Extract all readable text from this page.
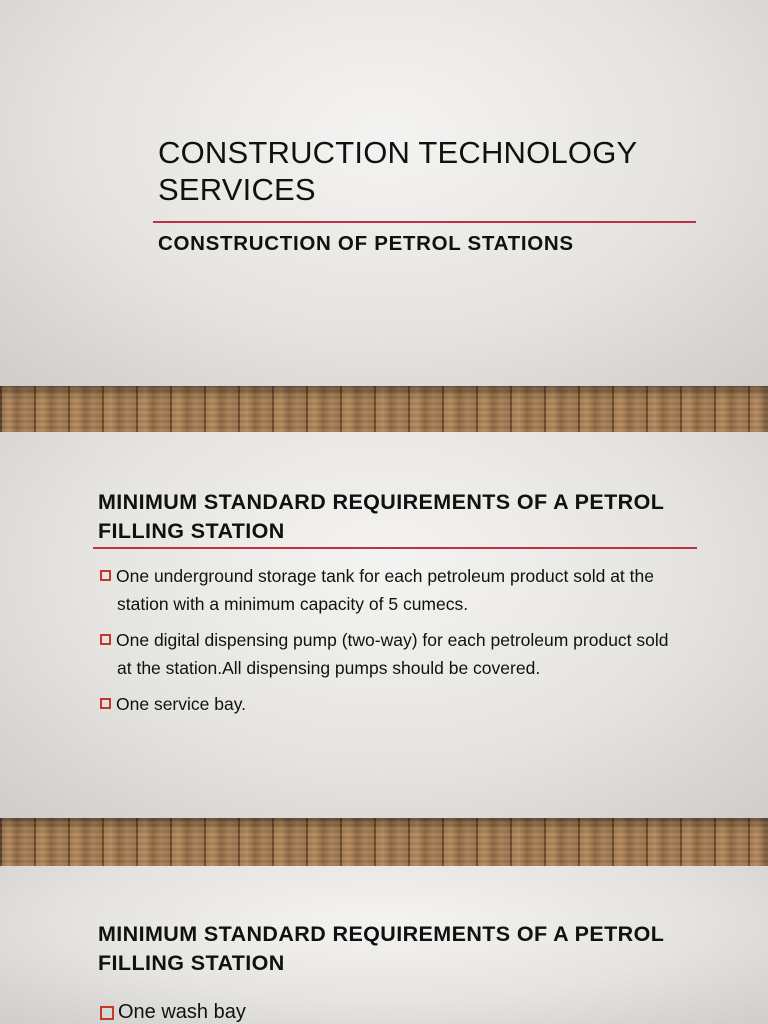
CONSTRUCTION TECHNOLOGY SERVICES
CONSTRUCTION OF PETROL STATIONS
MINIMUM STANDARD REQUIREMENTS OF A PETROL FILLING STATION
One underground storage tank for each petroleum product sold at the station with a minimum capacity of 5 cumecs.
One digital dispensing pump (two-way) for each petroleum product sold at the station.All dispensing pumps should be covered.
One service bay.
MINIMUM STANDARD REQUIREMENTS OF A PETROL FILLING STATION
One wash bay
